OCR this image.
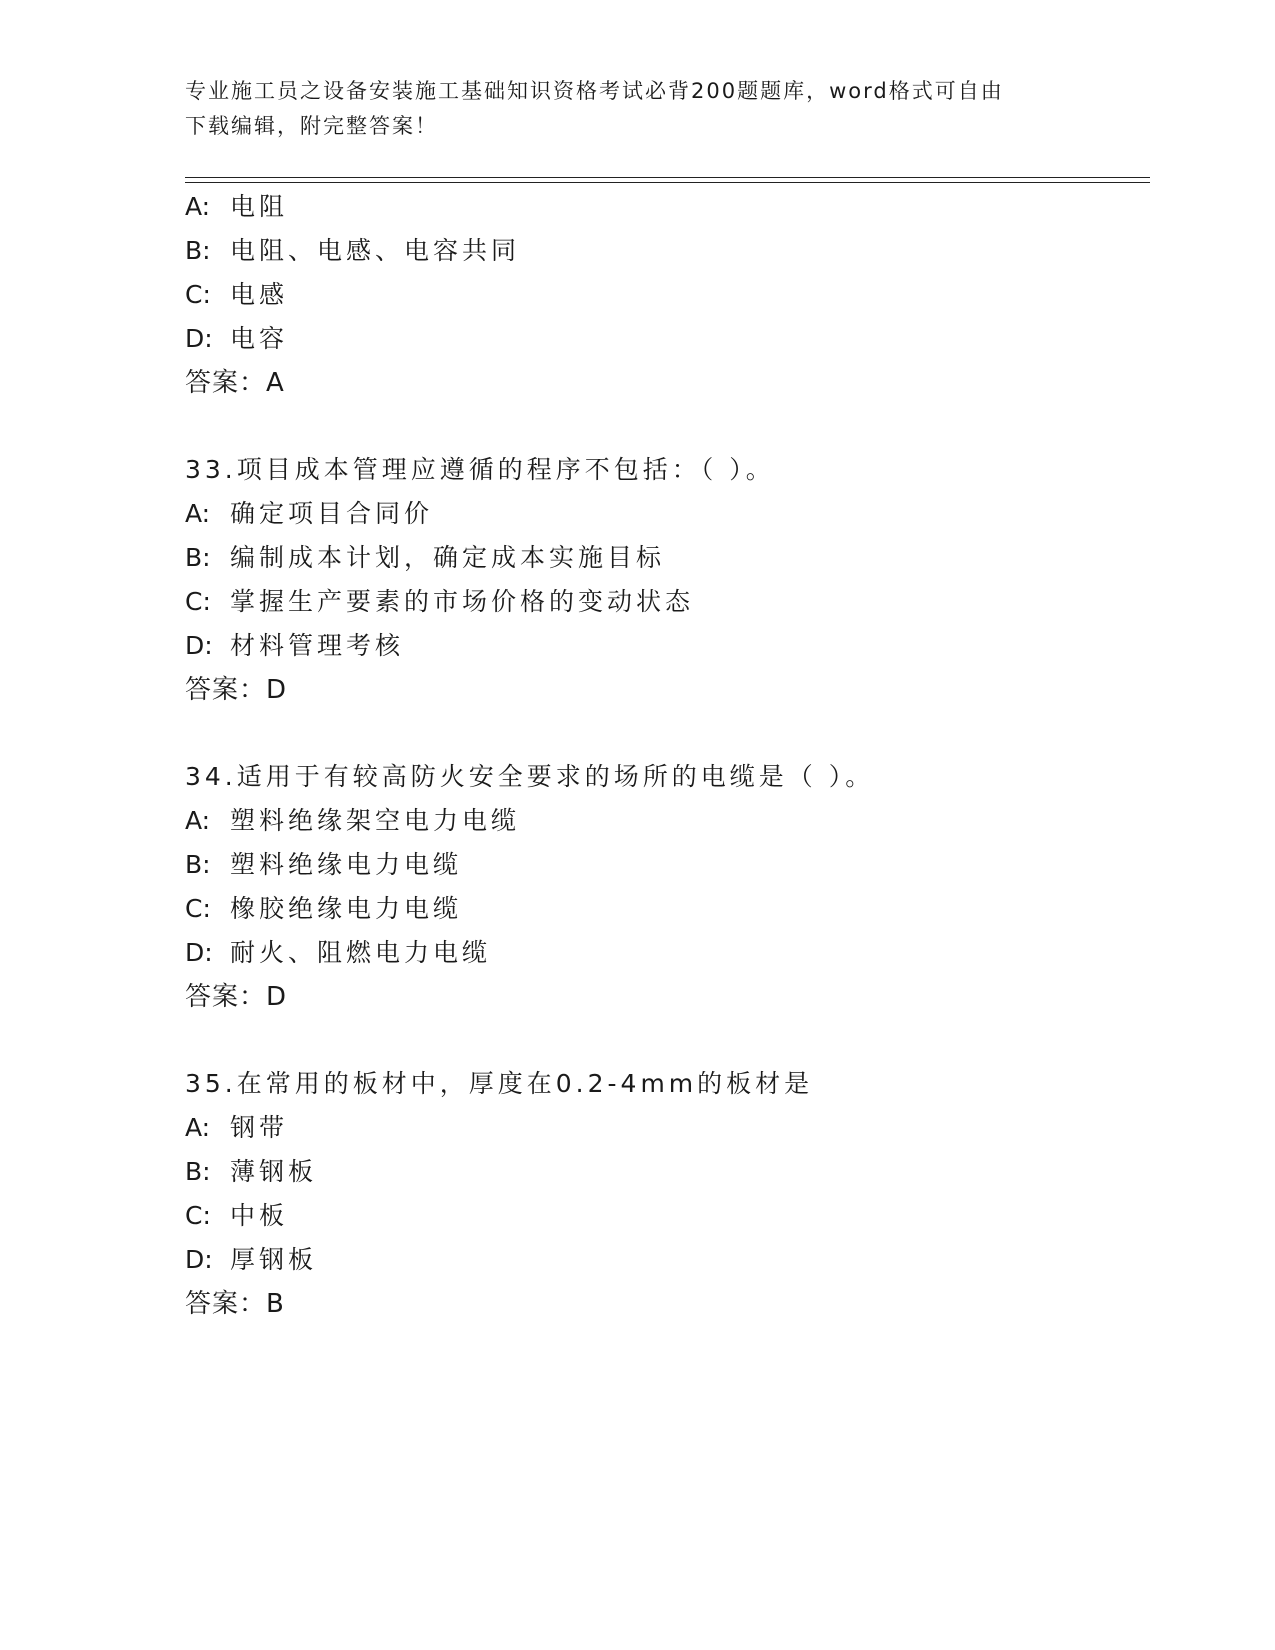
专业施工员之设备安装施工基础知识资格考试必背200题题库，word格式可自由
下载编辑，附完整答案！
A: 电阻
B: 电阻、电感、电容共同
C: 电感
D: 电容
答案：A
33.项目成本管理应遵循的程序不包括：（ ）。
A: 确定项目合同价
B: 编制成本计划，确定成本实施目标
C: 掌握生产要素的市场价格的变动状态
D: 材料管理考核
答案：D
34.适用于有较高防火安全要求的场所的电缆是（ ）。
A: 塑料绝缘架空电力电缆
B: 塑料绝缘电力电缆
C: 橡胶绝缘电力电缆
D: 耐火、阻燃电力电缆
答案：D
35.在常用的板材中，厚度在0.2-4mm的板材是
A: 钢带
B: 薄钢板
C: 中板
D: 厚钢板
答案：B
